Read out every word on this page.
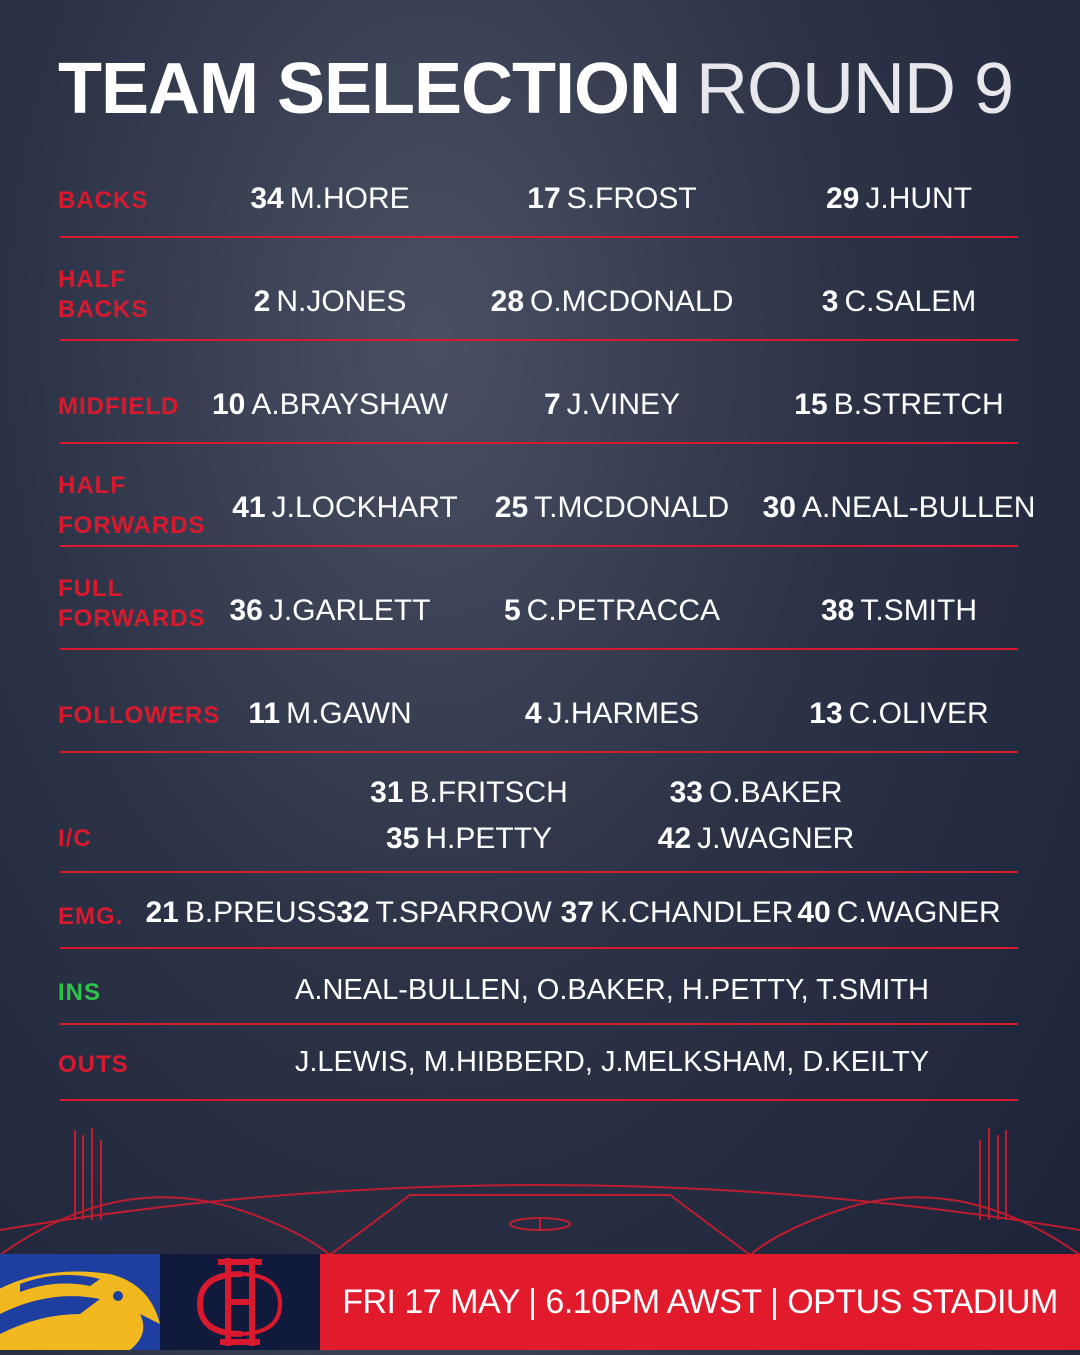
TEAM SELECTION ROUND 9
BACKS	34 M.HORE	17 S.FROST	29 J.HUNT
HALF
BACKS	2 N.JONES	28 O.MCDONALD	3 C.SALEM
MIDFIELD 10 A.BRAYSHAW	7 J.VINEY	15 B.STRETCH
HALF
FORWARDS
41 J.LOCKHART 25 T.MCDONALD 30 A.NEAL-BULLEN
FULL
FORWARDS 36 J.GARLETT 5 C.PETRACCA	38 T.SMITH
FOLLOWERS 11 M.GAWN	4 J.HARMES	13 C.OLIVER
I/C
31 B.FRITSCH	33 O.BAKER
35 H.PETTY	42 J.WAGNER
EMG. 21 B.PREUSS 32 T.SPARROW 37 K.CHANDLER 40 C.WAGNER
INS	A.NEAL-BULLEN, O.BAKER, H.PETTY, T.SMITH
OUTS	J.LEWIS, M.HIBBERD, J.MELKSHAM, D.KEILTY
FRI 17 MAY | 6.10PM AWST | OPTUS STADIUM
